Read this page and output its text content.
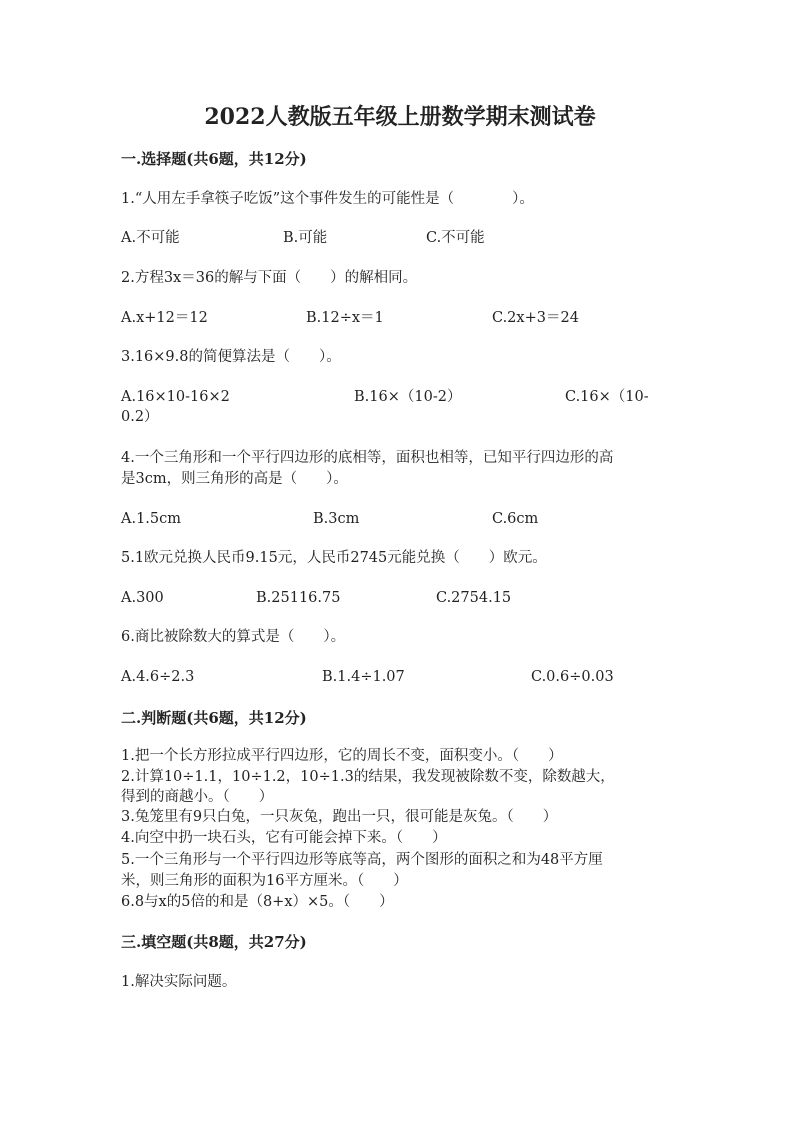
2022人教版五年级上册数学期末测试卷
一.选择题(共6题，共12分)
1.“人用左手拿筷子吃饭”这个事件发生的可能性是（　　　　）。
A.不可能	B.可能	C.不可能
2.方程3x＝36的解与下面（　　）的解相同。
A.x+12＝12	B.12÷x＝1	C.2x+3＝24
3.16×9.8的简便算法是（　　）。
A.16×10-16×2	B.16×（10-2）	C.16×（10-
0.2）
4.一个三角形和一个平行四边形的底相等，面积也相等，已知平行四边形的高
是3cm，则三角形的高是（　　）。
A.1.5cm	B.3cm	C.6cm
5.1欧元兑换人民币9.15元，人民币2745元能兑换（　　）欧元。
A.300	B.25116.75	C.2754.15
6.商比被除数大的算式是（　　）。
A.4.6÷2.3	B.1.4÷1.07	C.0.6÷0.03
二.判断题(共6题，共12分)
1.把一个长方形拉成平行四边形，它的周长不变，面积变小。（　　）
2.计算10÷1.1，10÷1.2，10÷1.3的结果，我发现被除数不变，除数越大，
得到的商越小。（　　）
3.兔笼里有9只白兔，一只灰兔，跑出一只，很可能是灰兔。（　　）
4.向空中扔一块石头，它有可能会掉下来。（　　）
5.一个三角形与一个平行四边形等底等高，两个图形的面积之和为48平方厘
米，则三角形的面积为16平方厘米。（　　）
6.8与x的5倍的和是（8+x）×5。（　　）
三.填空题(共8题，共27分)
1.解决实际问题。
